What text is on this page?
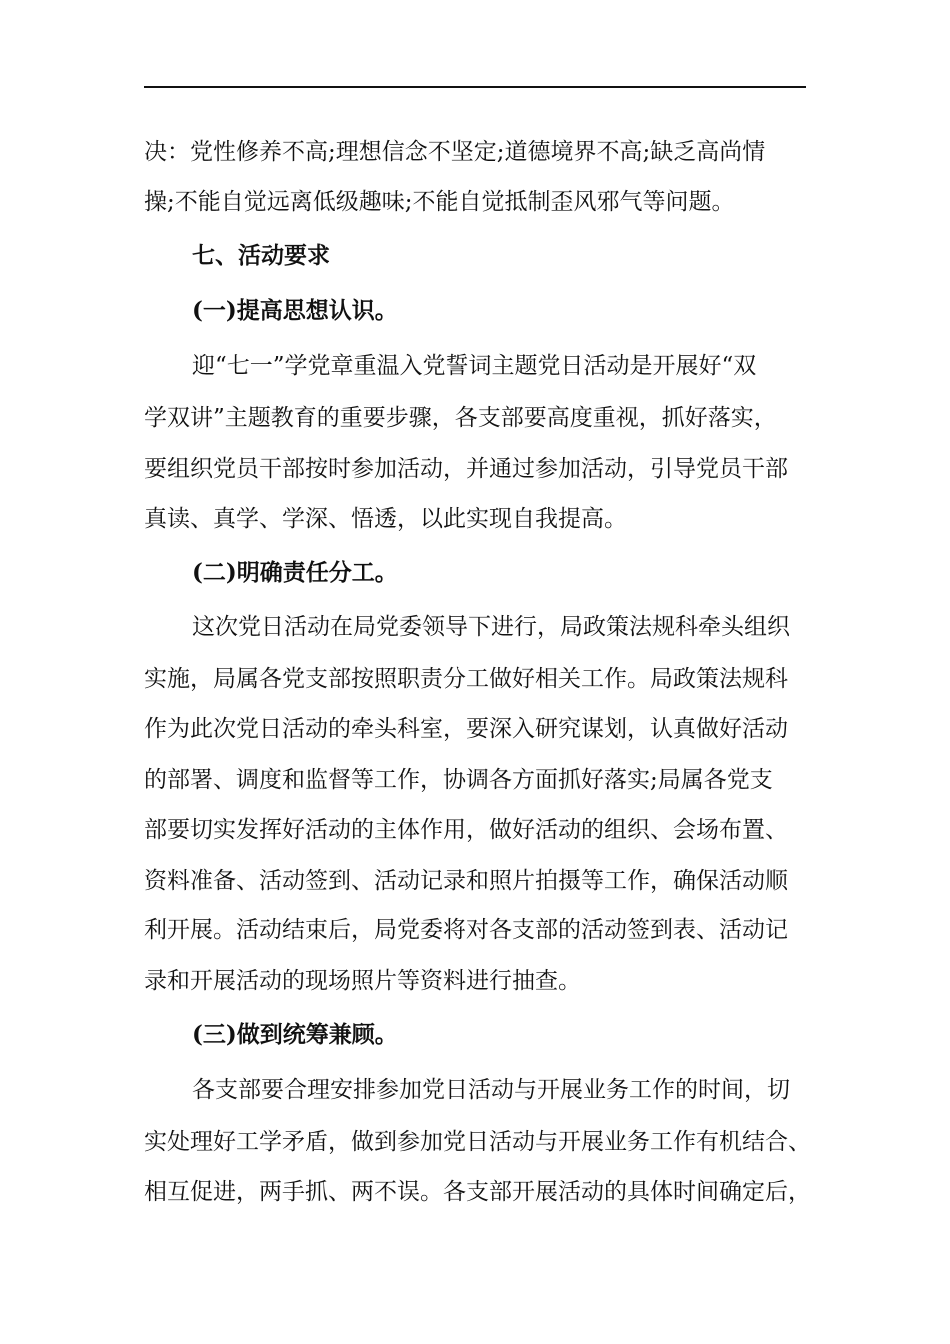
决：党性修养不高;理想信念不坚定;道德境界不高;缺乏高尚情
操;不能自觉远离低级趣味;不能自觉抵制歪风邪气等问题。
七、活动要求
(一)提高思想认识。
迎“七一”学党章重温入党誓词主题党日活动是开展好“双
学双讲”主题教育的重要步骤，各支部要高度重视，抓好落实，
要组织党员干部按时参加活动，并通过参加活动，引导党员干部
真读、真学、学深、悟透，以此实现自我提高。
(二)明确责任分工。
这次党日活动在局党委领导下进行，局政策法规科牵头组织
实施，局属各党支部按照职责分工做好相关工作。局政策法规科
作为此次党日活动的牵头科室，要深入研究谋划，认真做好活动
的部署、调度和监督等工作，协调各方面抓好落实;局属各党支
部要切实发挥好活动的主体作用，做好活动的组织、会场布置、
资料准备、活动签到、活动记录和照片拍摄等工作，确保活动顺
利开展。活动结束后，局党委将对各支部的活动签到表、活动记
录和开展活动的现场照片等资料进行抽查。
(三)做到统筹兼顾。
各支部要合理安排参加党日活动与开展业务工作的时间，切
实处理好工学矛盾，做到参加党日活动与开展业务工作有机结合、
相互促进，两手抓、两不误。各支部开展活动的具体时间确定后，
